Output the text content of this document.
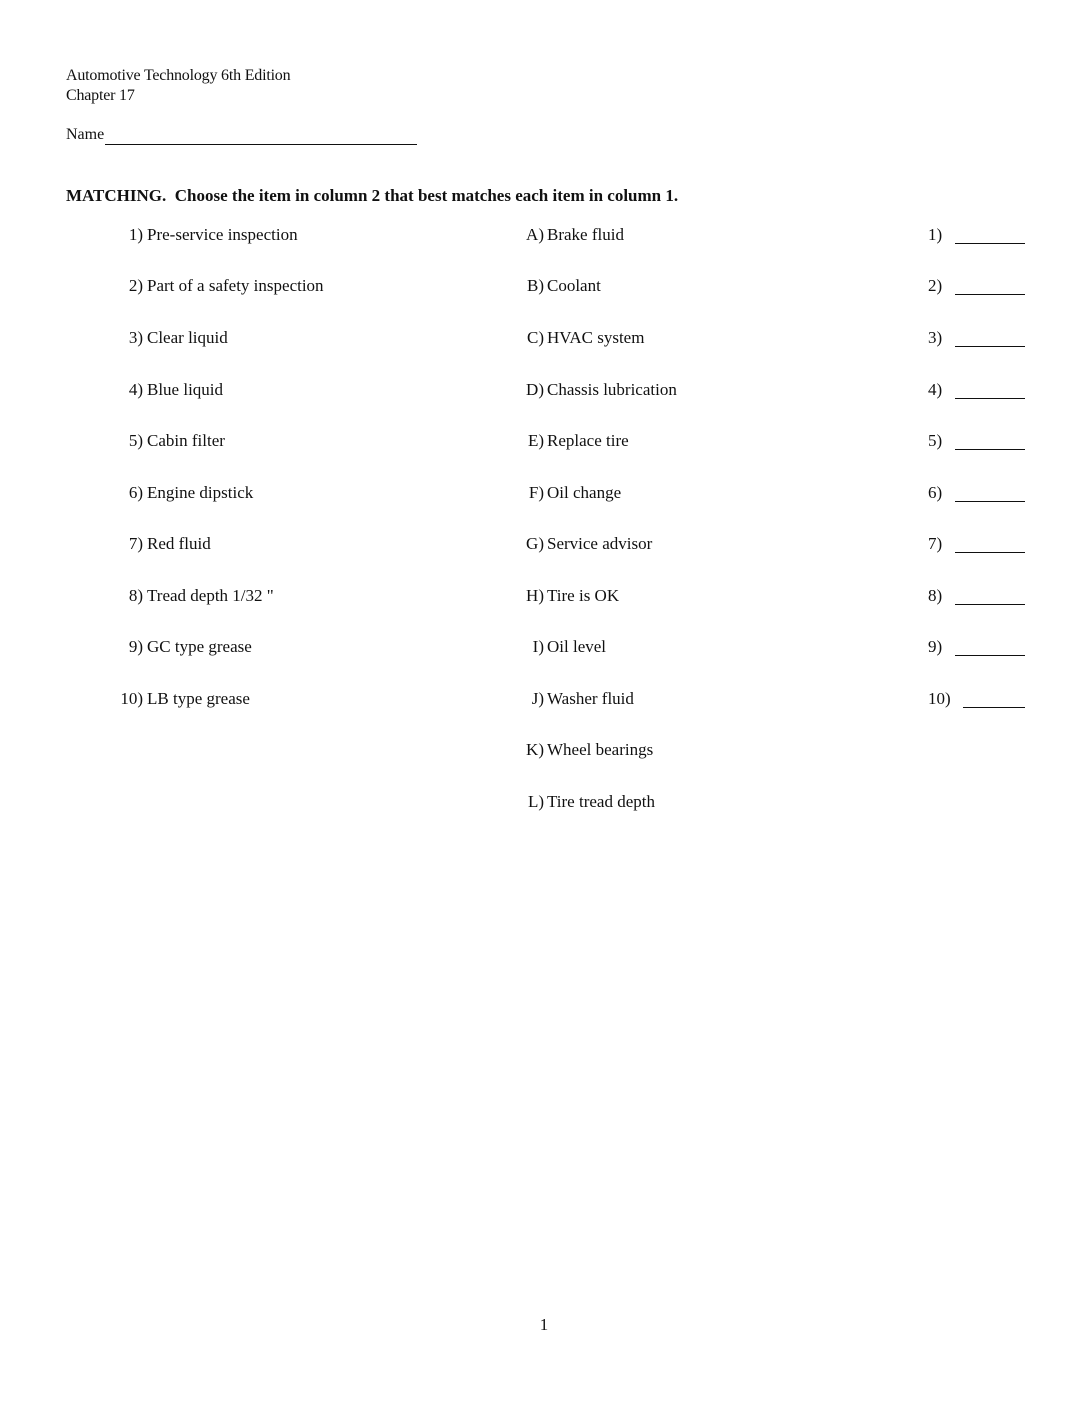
Automotive Technology 6th Edition
Chapter 17
Name
MATCHING.  Choose the item in column 2 that best matches each item in column 1.
1) Pre-service inspection	A) Brake fluid	1)
2) Part of a safety inspection	B) Coolant	2)
3) Clear liquid	C) HVAC system	3)
4) Blue liquid	D) Chassis lubrication	4)
5) Cabin filter	E) Replace tire	5)
6) Engine dipstick	F) Oil change	6)
7) Red fluid	G) Service advisor	7)
8) Tread depth 1/32 "	H) Tire is OK	8)
9) GC type grease	I) Oil level	9)
10) LB type grease	J) Washer fluid	10)
K) Wheel bearings
L) Tire tread depth
1
